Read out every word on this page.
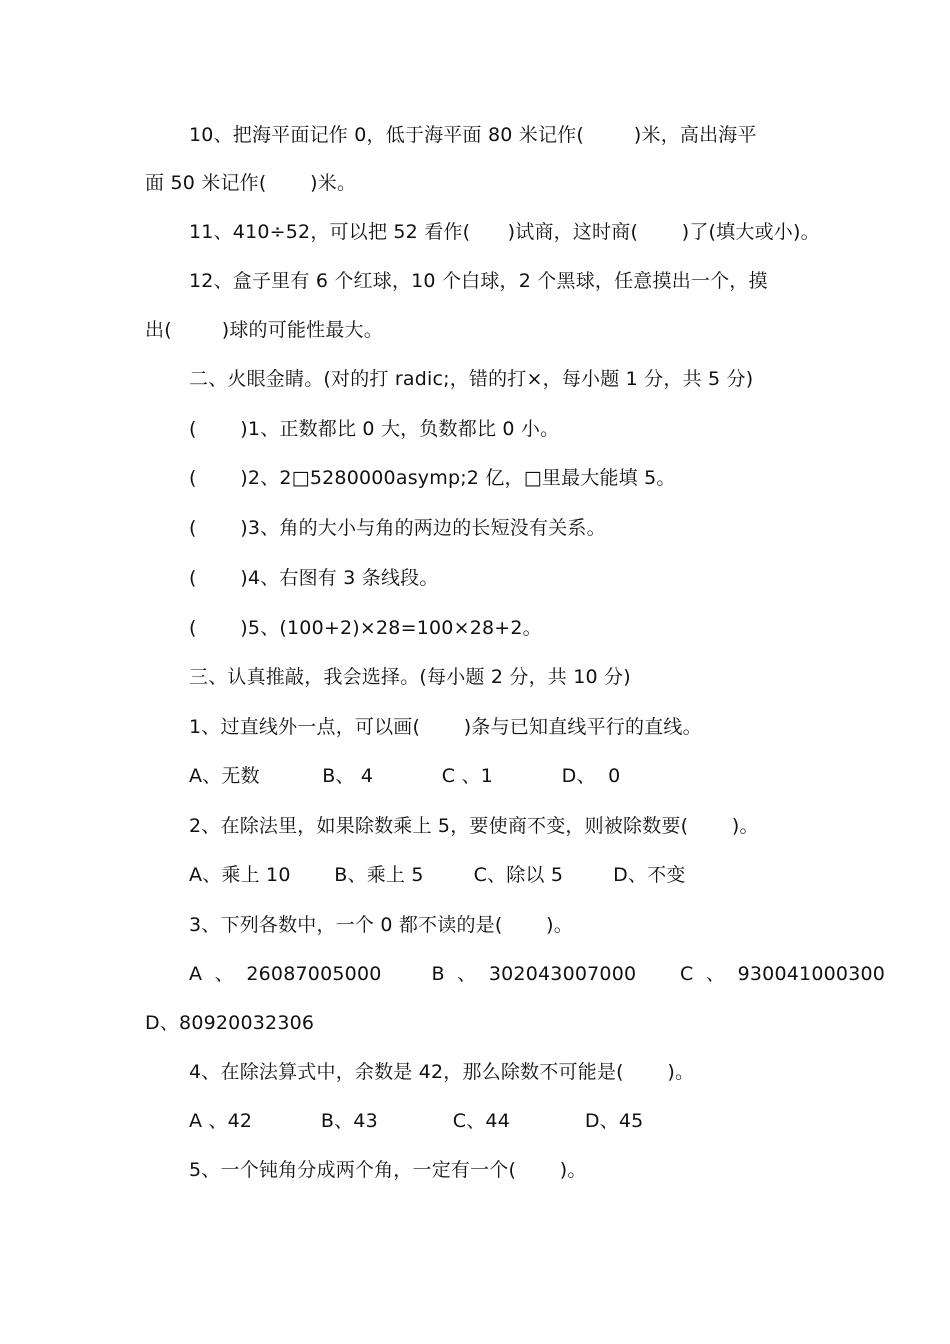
10、把海平面记作 0，低于海平面 80 米记作(        )米，高出海平
面 50 米记作(       )米。
11、410÷52，可以把 52 看作(      )试商，这时商(       )了(填大或小)。
12、盒子里有 6 个红球，10 个白球，2 个黑球，任意摸出一个，摸
出(        )球的可能性最大。
二、火眼金睛。(对的打 radic;，错的打×，每小题 1 分，共 5 分)
(       )1、正数都比 0 大，负数都比 0 小。
(       )2、2□5280000asymp;2 亿，□里最大能填 5。
(       )3、角的大小与角的两边的长短没有关系。
(       )4、右图有 3 条线段。
(       )5、(100+2)×28=100×28+2。
三、认真推敲，我会选择。(每小题 2 分，共 10 分)
1、过直线外一点，可以画(       )条与已知直线平行的直线。
A、无数          B、 4           C 、1           D、  0
2、在除法里，如果除数乘上 5，要使商不变，则被除数要(       )。
A、乘上 10       B、乘上 5        C、除以 5        D、不变
3、下列各数中，一个 0 都不读的是(       )。
A  、  26087005000        B  、  302043007000       C  、  930041000300
D、80920032306
4、在除法算式中，余数是 42，那么除数不可能是(       )。
A 、42           B、43            C、44            D、45
5、一个钝角分成两个角，一定有一个(       )。
